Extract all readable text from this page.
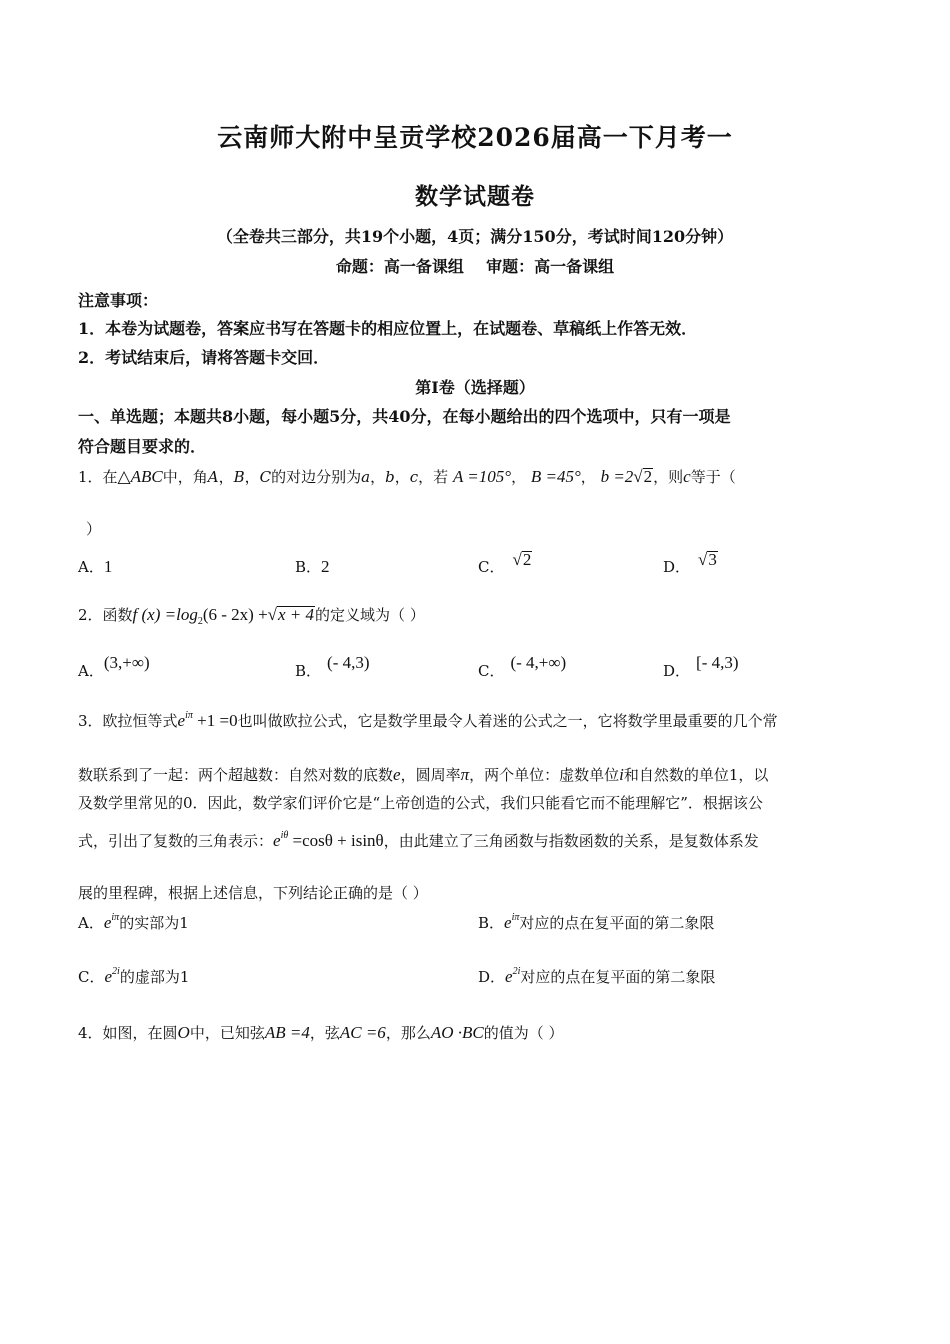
云南师大附中呈贡学校2026届高一下月考一
数学试题卷
（全卷共三部分，共19个小题，4页；满分150分，考试时间120分钟）
命题：高一备课组    审题：高一备课组
注意事项：
1．本卷为试题卷，答案应书写在答题卡的相应位置上，在试题卷、草稿纸上作答无效．
2．考试结束后，请将答题卡交回．
第I卷（选择题）
一、单选题；本题共8小题，每小题5分，共40分，在每小题给出的四个选项中，只有一项是
符合题目要求的．
1．在△ABC中，角A，B，C的对边分别为a，b，c，若 A =105°， B =45°， b =2√2，则c等于（
）
A．1	B．2	C． √2	D． √3
2．函数f $(x) =\log_2(6 - 2x) +√x + 4$的定义域为（ ）
A．(3,+∞)	B． (- 4,3)	C． (- 4,+∞)	D． [- 4,3)
3．欧拉恒等式$e^{i\pi} +1 =0$也叫做欧拉公式，它是数学里最令人着迷的公式之一，它将数学里最重要的几个常
数联系到了一起：两个超越数：自然对数的底数e，圆周率π，两个单位：虚数单位i和自然数的单位1，以
及数学里常见的0．因此，数学家们评价它是“上帝创造的公式，我们只能看它而不能理解它”．根据该公
式，引出了复数的三角表示：$e^{i\theta} =\cos\theta + isin\theta$，由此建立了三角函数与指数函数的关系，是复数体系发
展的里程碑，根据上述信息，下列结论正确的是（ ）
A．$e^{i\pi}$的实部为1	B．$e^{i\pi}$对应的点在复平面的第二象限
C．$e^{2i}$的虚部为1	D．$e^{2i}$对应的点在复平面的第二象限
4．如图，在圆O中，已知弦AB =4，弦AC =6，那么AO ·BC的值为（ ）
